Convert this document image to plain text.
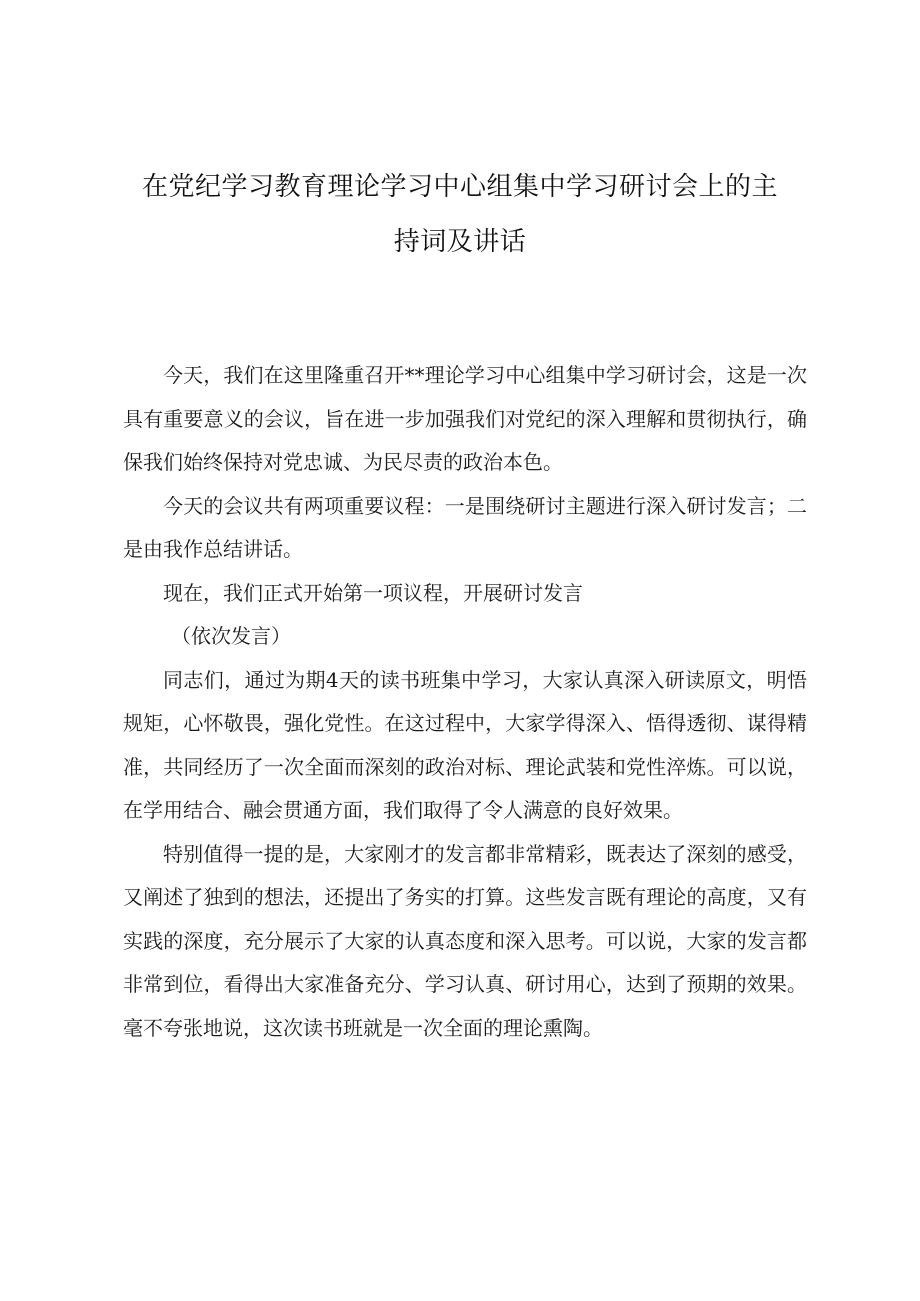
在党纪学习教育理论学习中心组集中学习研讨会上的主
持词及讲话

今天，我们在这里隆重召开**理论学习中心组集中学习研讨会，这是一次具有重要意义的会议，旨在进一步加强我们对党纪的深入理解和贯彻执行，确保我们始终保持对党忠诚、为民尽责的政治本色。

今天的会议共有两项重要议程：一是围绕研讨主题进行深入研讨发言；二是由我作总结讲话。

现在，我们正式开始第一项议程，开展研讨发言

（依次发言）

同志们，通过为期4天的读书班集中学习，大家认真深入研读原文，明悟规矩，心怀敬畏，强化党性。在这过程中，大家学得深入、悟得透彻、谋得精准，共同经历了一次全面而深刻的政治对标、理论武装和党性淬炼。可以说，在学用结合、融会贯通方面，我们取得了令人满意的良好效果。

特别值得一提的是，大家刚才的发言都非常精彩，既表达了深刻的感受，又阐述了独到的想法，还提出了务实的打算。这些发言既有理论的高度，又有实践的深度，充分展示了大家的认真态度和深入思考。可以说，大家的发言都非常到位，看得出大家准备充分、学习认真、研讨用心，达到了预期的效果。毫不夸张地说，这次读书班就是一次全面的理论熏陶。
